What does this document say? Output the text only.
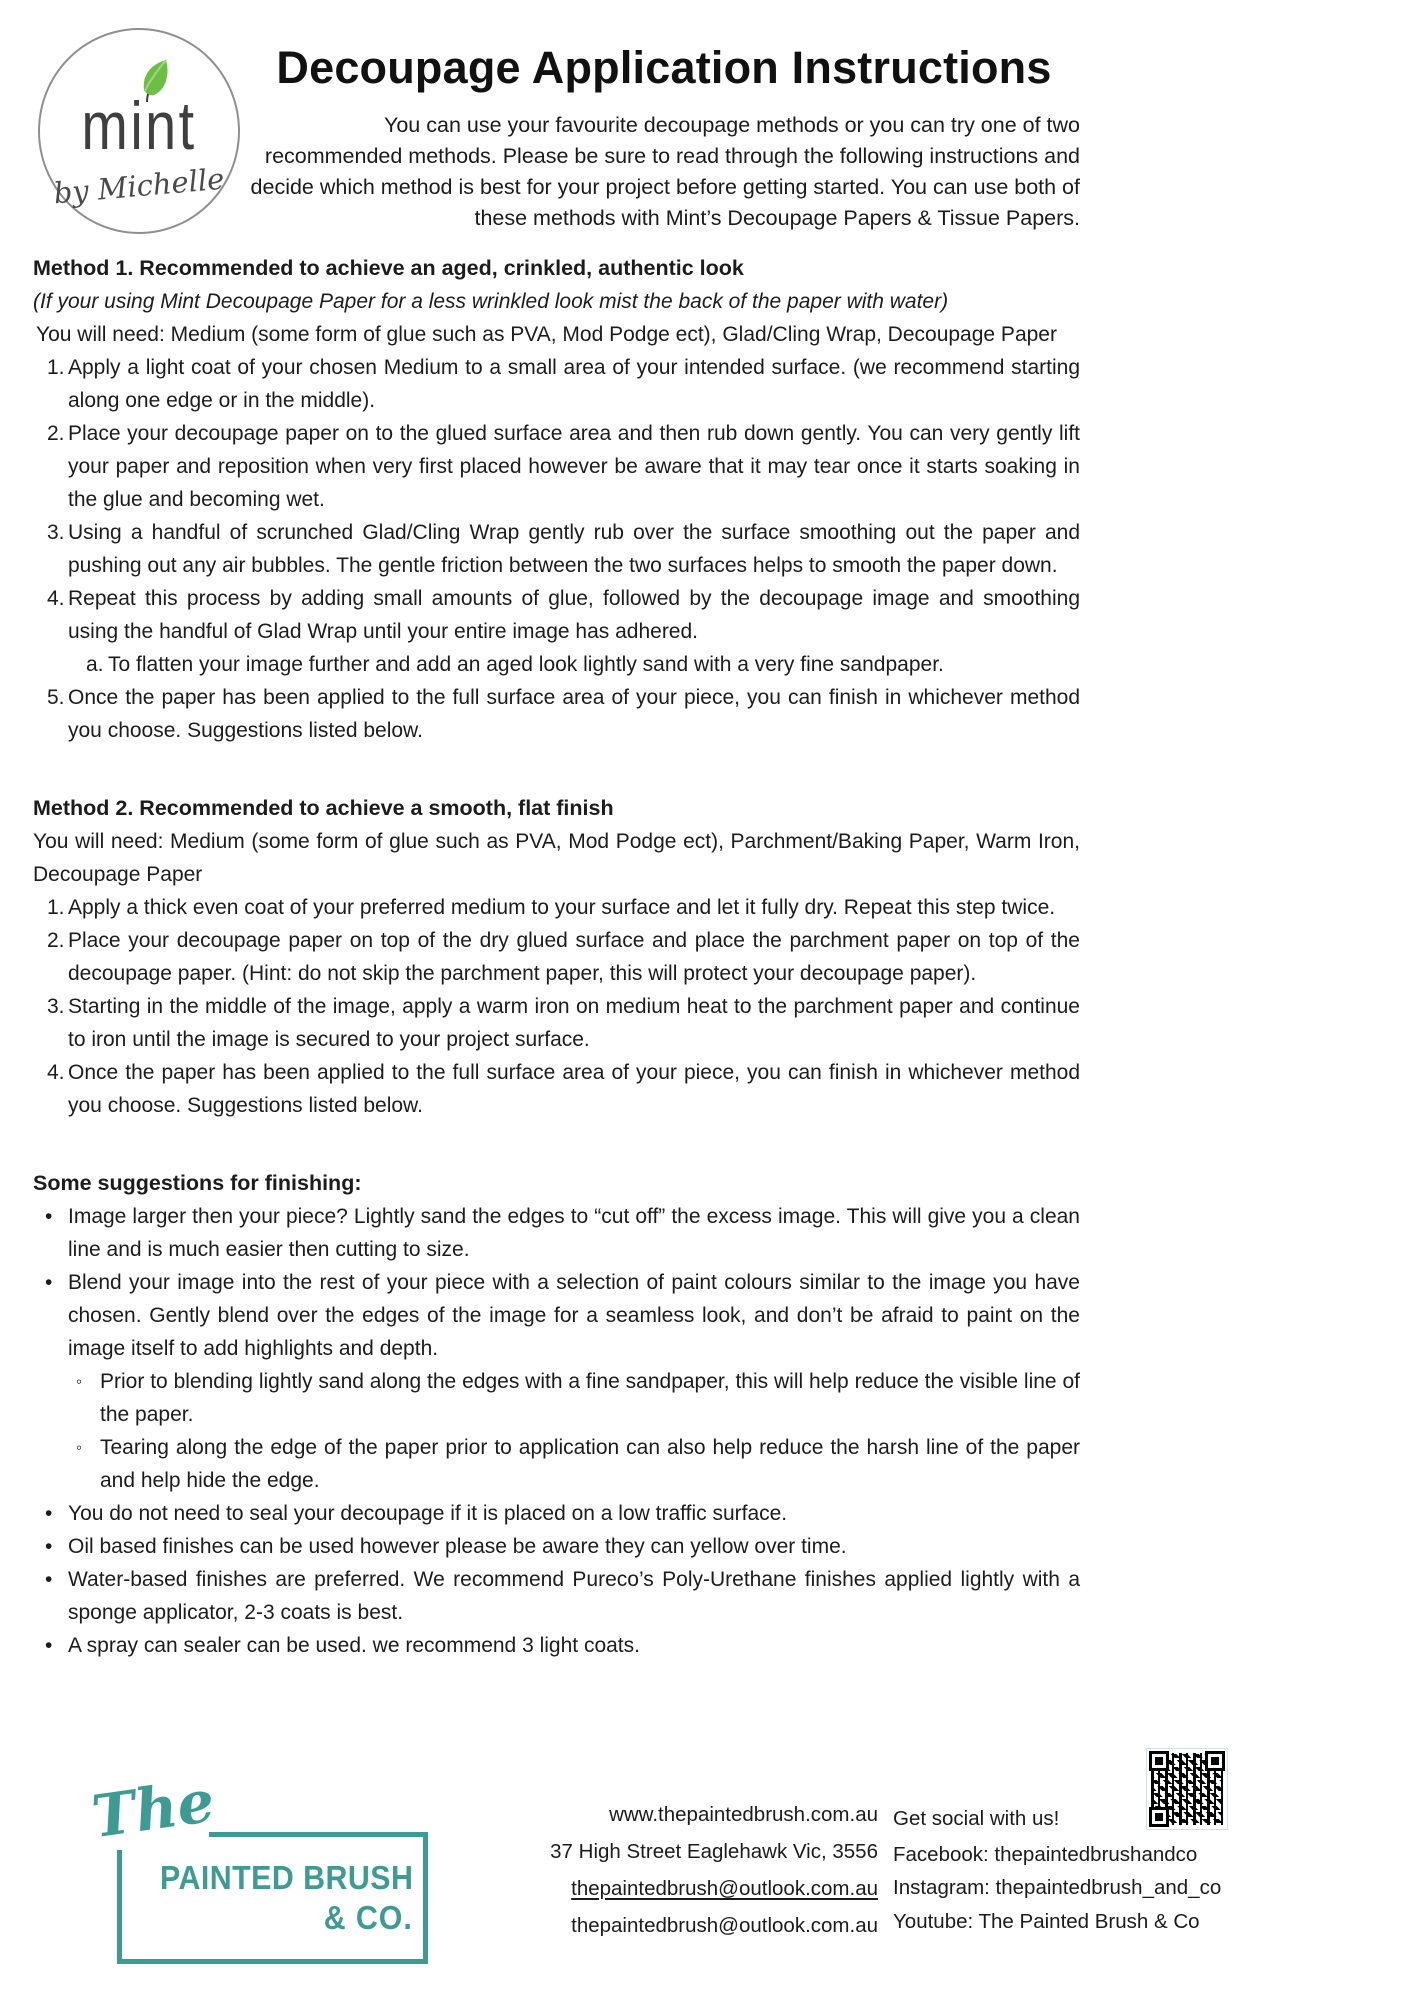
mint
by Michelle
Decoupage Application Instructions
You can use your favourite decoupage methods or you can try one of two recommended methods. Please be sure to read through the following instructions and decide which method is best for your project before getting started. You can use both of these methods with Mint’s Decoupage Papers & Tissue Papers.
Method 1. Recommended to achieve an aged, crinkled, authentic look
(If your using Mint Decoupage Paper for a less wrinkled look mist the back of the paper with water)
You will need: Medium (some form of glue such as PVA, Mod Podge ect), Glad/Cling Wrap, Decoupage Paper
1. Apply a light coat of your chosen Medium to a small area of your intended surface. (we recommend starting along one edge or in the middle).
2. Place your decoupage paper on to the glued surface area and then rub down gently. You can very gently lift your paper and reposition when very first placed however be aware that it may tear once it starts soaking in the glue and becoming wet.
3. Using a handful of scrunched Glad/Cling Wrap gently rub over the surface smoothing out the paper and pushing out any air bubbles. The gentle friction between the two surfaces helps to smooth the paper down.
4. Repeat this process by adding small amounts of glue, followed by the decoupage image and smoothing using the handful of Glad Wrap until your entire image has adhered.
a. To flatten your image further and add an aged look lightly sand with a very fine sandpaper.
5. Once the paper has been applied to the full surface area of your piece, you can finish in whichever method you choose. Suggestions listed below.
Method 2. Recommended to achieve a smooth, flat finish
You will need: Medium (some form of glue such as PVA, Mod Podge ect), Parchment/Baking Paper, Warm Iron, Decoupage Paper
1. Apply a thick even coat of your preferred medium to your surface and let it fully dry. Repeat this step twice.
2. Place your decoupage paper on top of the dry glued surface and place the parchment paper on top of the decoupage paper. (Hint: do not skip the parchment paper, this will protect your decoupage paper).
3. Starting in the middle of the image, apply a warm iron on medium heat to the parchment paper and continue to iron until the image is secured to your project surface.
4. Once the paper has been applied to the full surface area of your piece, you can finish in whichever method you choose. Suggestions listed below.
Some suggestions for finishing:
• Image larger then your piece? Lightly sand the edges to “cut off” the excess image. This will give you a clean line and is much easier then cutting to size.
• Blend your image into the rest of your piece with a selection of paint colours similar to the image you have chosen. Gently blend over the edges of the image for a seamless look, and don’t be afraid to paint on the image itself to add highlights and depth.
◦ Prior to blending lightly sand along the edges with a fine sandpaper, this will help reduce the visible line of the paper.
◦ Tearing along the edge of the paper prior to application can also help reduce the harsh line of the paper and help hide the edge.
• You do not need to seal your decoupage if it is placed on a low traffic surface.
• Oil based finishes can be used however please be aware they can yellow over time.
• Water-based finishes are preferred. We recommend Pureco’s Poly-Urethane finishes applied lightly with a sponge applicator, 2-3 coats is best.
• A spray can sealer can be used. we recommend 3 light coats.
PAINTED BRUSH
& CO.
The	www.thepaintedbrush.com.au
37 High Street Eaglehawk Vic, 3556
thepaintedbrush@outlook.com.au
thepaintedbrush@outlook.com.au
Get social with us!
Facebook: thepaintedbrushandco
Instagram: thepaintedbrush_and_co
Youtube: The Painted Brush & Co
